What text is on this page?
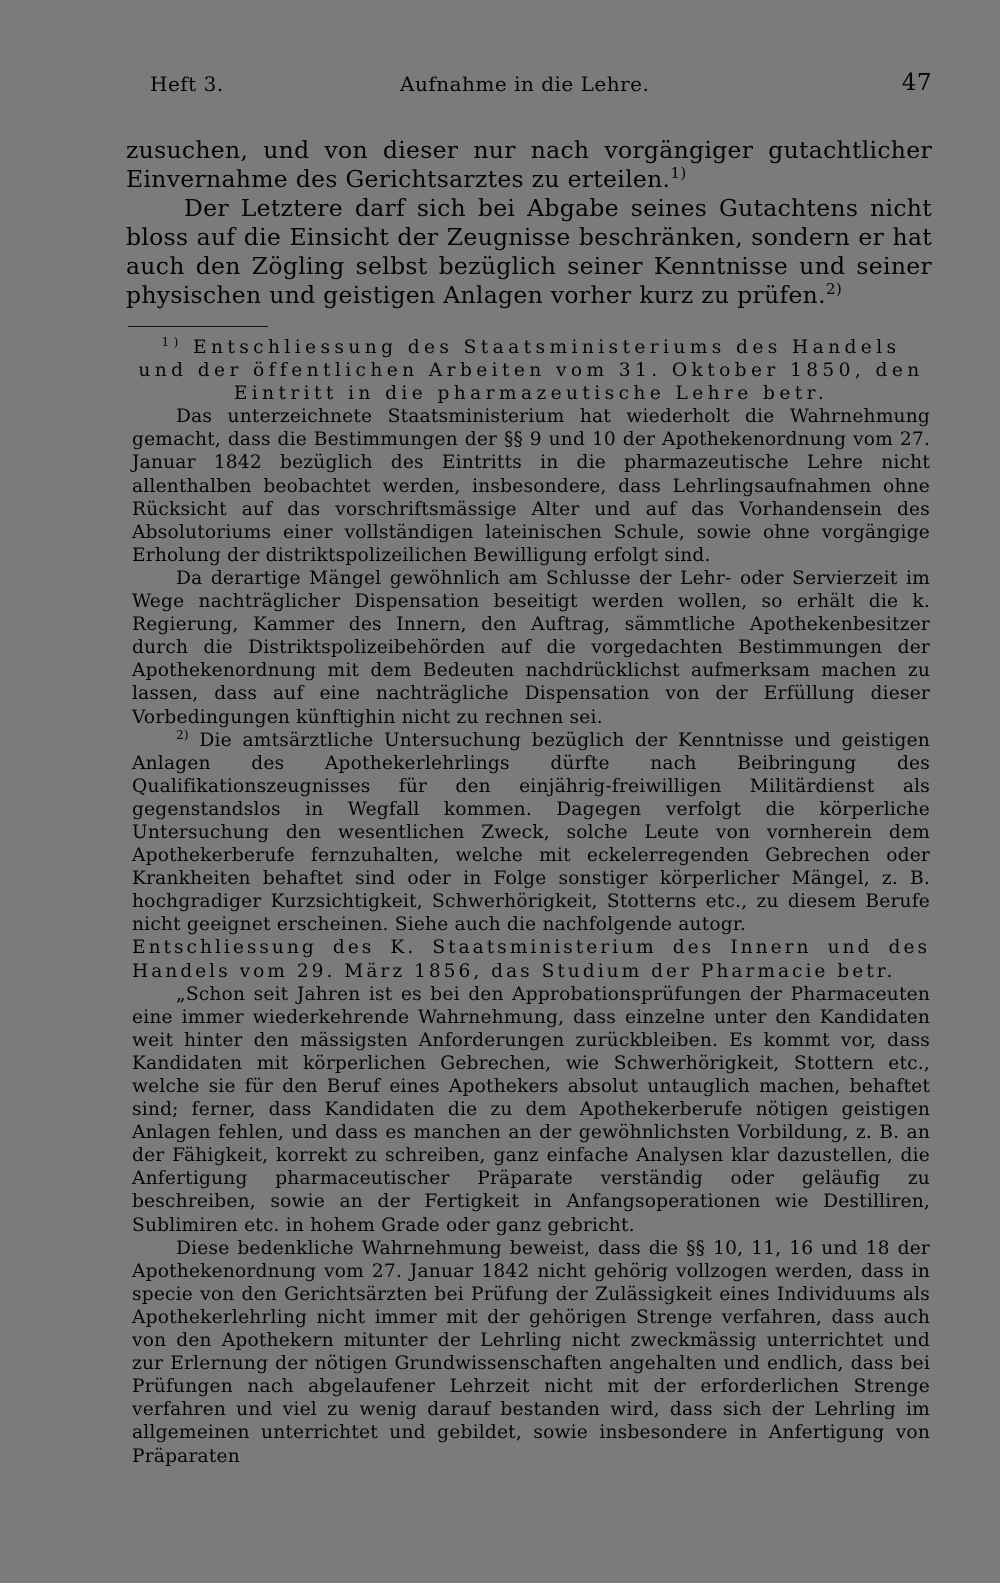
Heft 3.	Aufnahme in die Lehre.	47

zusuchen, und von dieser nur nach vorgängiger gutachtlicher Einvernahme des Gerichtsarztes zu erteilen.$^{1)}$

Der Letztere darf sich bei Abgabe seines Gutachtens nicht bloss auf die Einsicht der Zeugnisse beschränken, sondern er hat auch den Zögling selbst bezüglich seiner Kenntnisse und seiner physischen und geistigen Anlagen vorher kurz zu prüfen.$^{2)}$

$^{1)}$ Entschliessung des Staatsministeriums des Handels und der öffentlichen Arbeiten vom 31. Oktober 1850, den Eintritt in die pharmazeutische Lehre betr.

Das unterzeichnete Staatsministerium hat wiederholt die Wahrnehmung gemacht, dass die Bestimmungen der §§ 9 und 10 der Apothekenordnung vom 27. Januar 1842 bezüglich des Eintritts in die pharmazeutische Lehre nicht allenthalben beobachtet werden, insbesondere, dass Lehrlingsaufnahmen ohne Rücksicht auf das vorschriftsmässige Alter und auf das Vorhandensein des Absolutoriums einer vollständigen lateinischen Schule, sowie ohne vorgängige Erholung der distriktspolizeilichen Bewilligung erfolgt sind.

Da derartige Mängel gewöhnlich am Schlusse der Lehr- oder Servierzeit im Wege nachträglicher Dispensation beseitigt werden wollen, so erhält die k. Regierung, Kammer des Innern, den Auftrag, sämmtliche Apothekenbesitzer durch die Distriktspolizeibehörden auf die vorgedachten Bestimmungen der Apothekenordnung mit dem Bedeuten nachdrücklichst aufmerksam machen zu lassen, dass auf eine nachträgliche Dispensation von der Erfüllung dieser Vorbedingungen künftighin nicht zu rechnen sei.

$^{2)}$ Die amtsärztliche Untersuchung bezüglich der Kenntnisse und geistigen Anlagen des Apothekerlehrlings dürfte nach Beibringung des Qualifikationszeugnisses für den einjährig-freiwilligen Militärdienst als gegenstandslos in Wegfall kommen. Dagegen verfolgt die körperliche Untersuchung den wesentlichen Zweck, solche Leute von vornherein dem Apothekerberufe fernzuhalten, welche mit eckelerregenden Gebrechen oder Krankheiten behaftet sind oder in Folge sonstiger körperlicher Mängel, z. B. hochgradiger Kurzsichtigkeit, Schwerhörigkeit, Stotterns etc., zu diesem Berufe nicht geeignet erscheinen. Siehe auch die nachfolgende autogr.

Entschliessung des K. Staatsministerium des Innern und des Handels vom 29. März 1856, das Studium der Pharmacie betr.

„Schon seit Jahren ist es bei den Approbationsprüfungen der Pharmaceuten eine immer wiederkehrende Wahrnehmung, dass einzelne unter den Kandidaten weit hinter den mässigsten Anforderungen zurückbleiben. Es kommt vor, dass Kandidaten mit körperlichen Gebrechen, wie Schwerhörigkeit, Stottern etc., welche sie für den Beruf eines Apothekers absolut untauglich machen, behaftet sind; ferner, dass Kandidaten die zu dem Apothekerberufe nötigen geistigen Anlagen fehlen, und dass es manchen an der gewöhnlichsten Vorbildung, z. B. an der Fähigkeit, korrekt zu schreiben, ganz einfache Analysen klar dazustellen, die Anfertigung pharmaceutischer Präparate verständig oder geläufig zu beschreiben, sowie an der Fertigkeit in Anfangsoperationen wie Destilliren, Sublimiren etc. in hohem Grade oder ganz gebricht.

Diese bedenkliche Wahrnehmung beweist, dass die §§ 10, 11, 16 und 18 der Apothekenordnung vom 27. Januar 1842 nicht gehörig vollzogen werden, dass in specie von den Gerichtsärzten bei Prüfung der Zulässigkeit eines Individuums als Apothekerlehrling nicht immer mit der gehörigen Strenge verfahren, dass auch von den Apothekern mitunter der Lehrling nicht zweckmässig unterrichtet und zur Erlernung der nötigen Grundwissenschaften angehalten und endlich, dass bei Prüfungen nach abgelaufener Lehrzeit nicht mit der erforderlichen Strenge verfahren und viel zu wenig darauf bestanden wird, dass sich der Lehrling im allgemeinen unterrichtet und gebildet, sowie insbesondere in Anfertigung von Präparaten
